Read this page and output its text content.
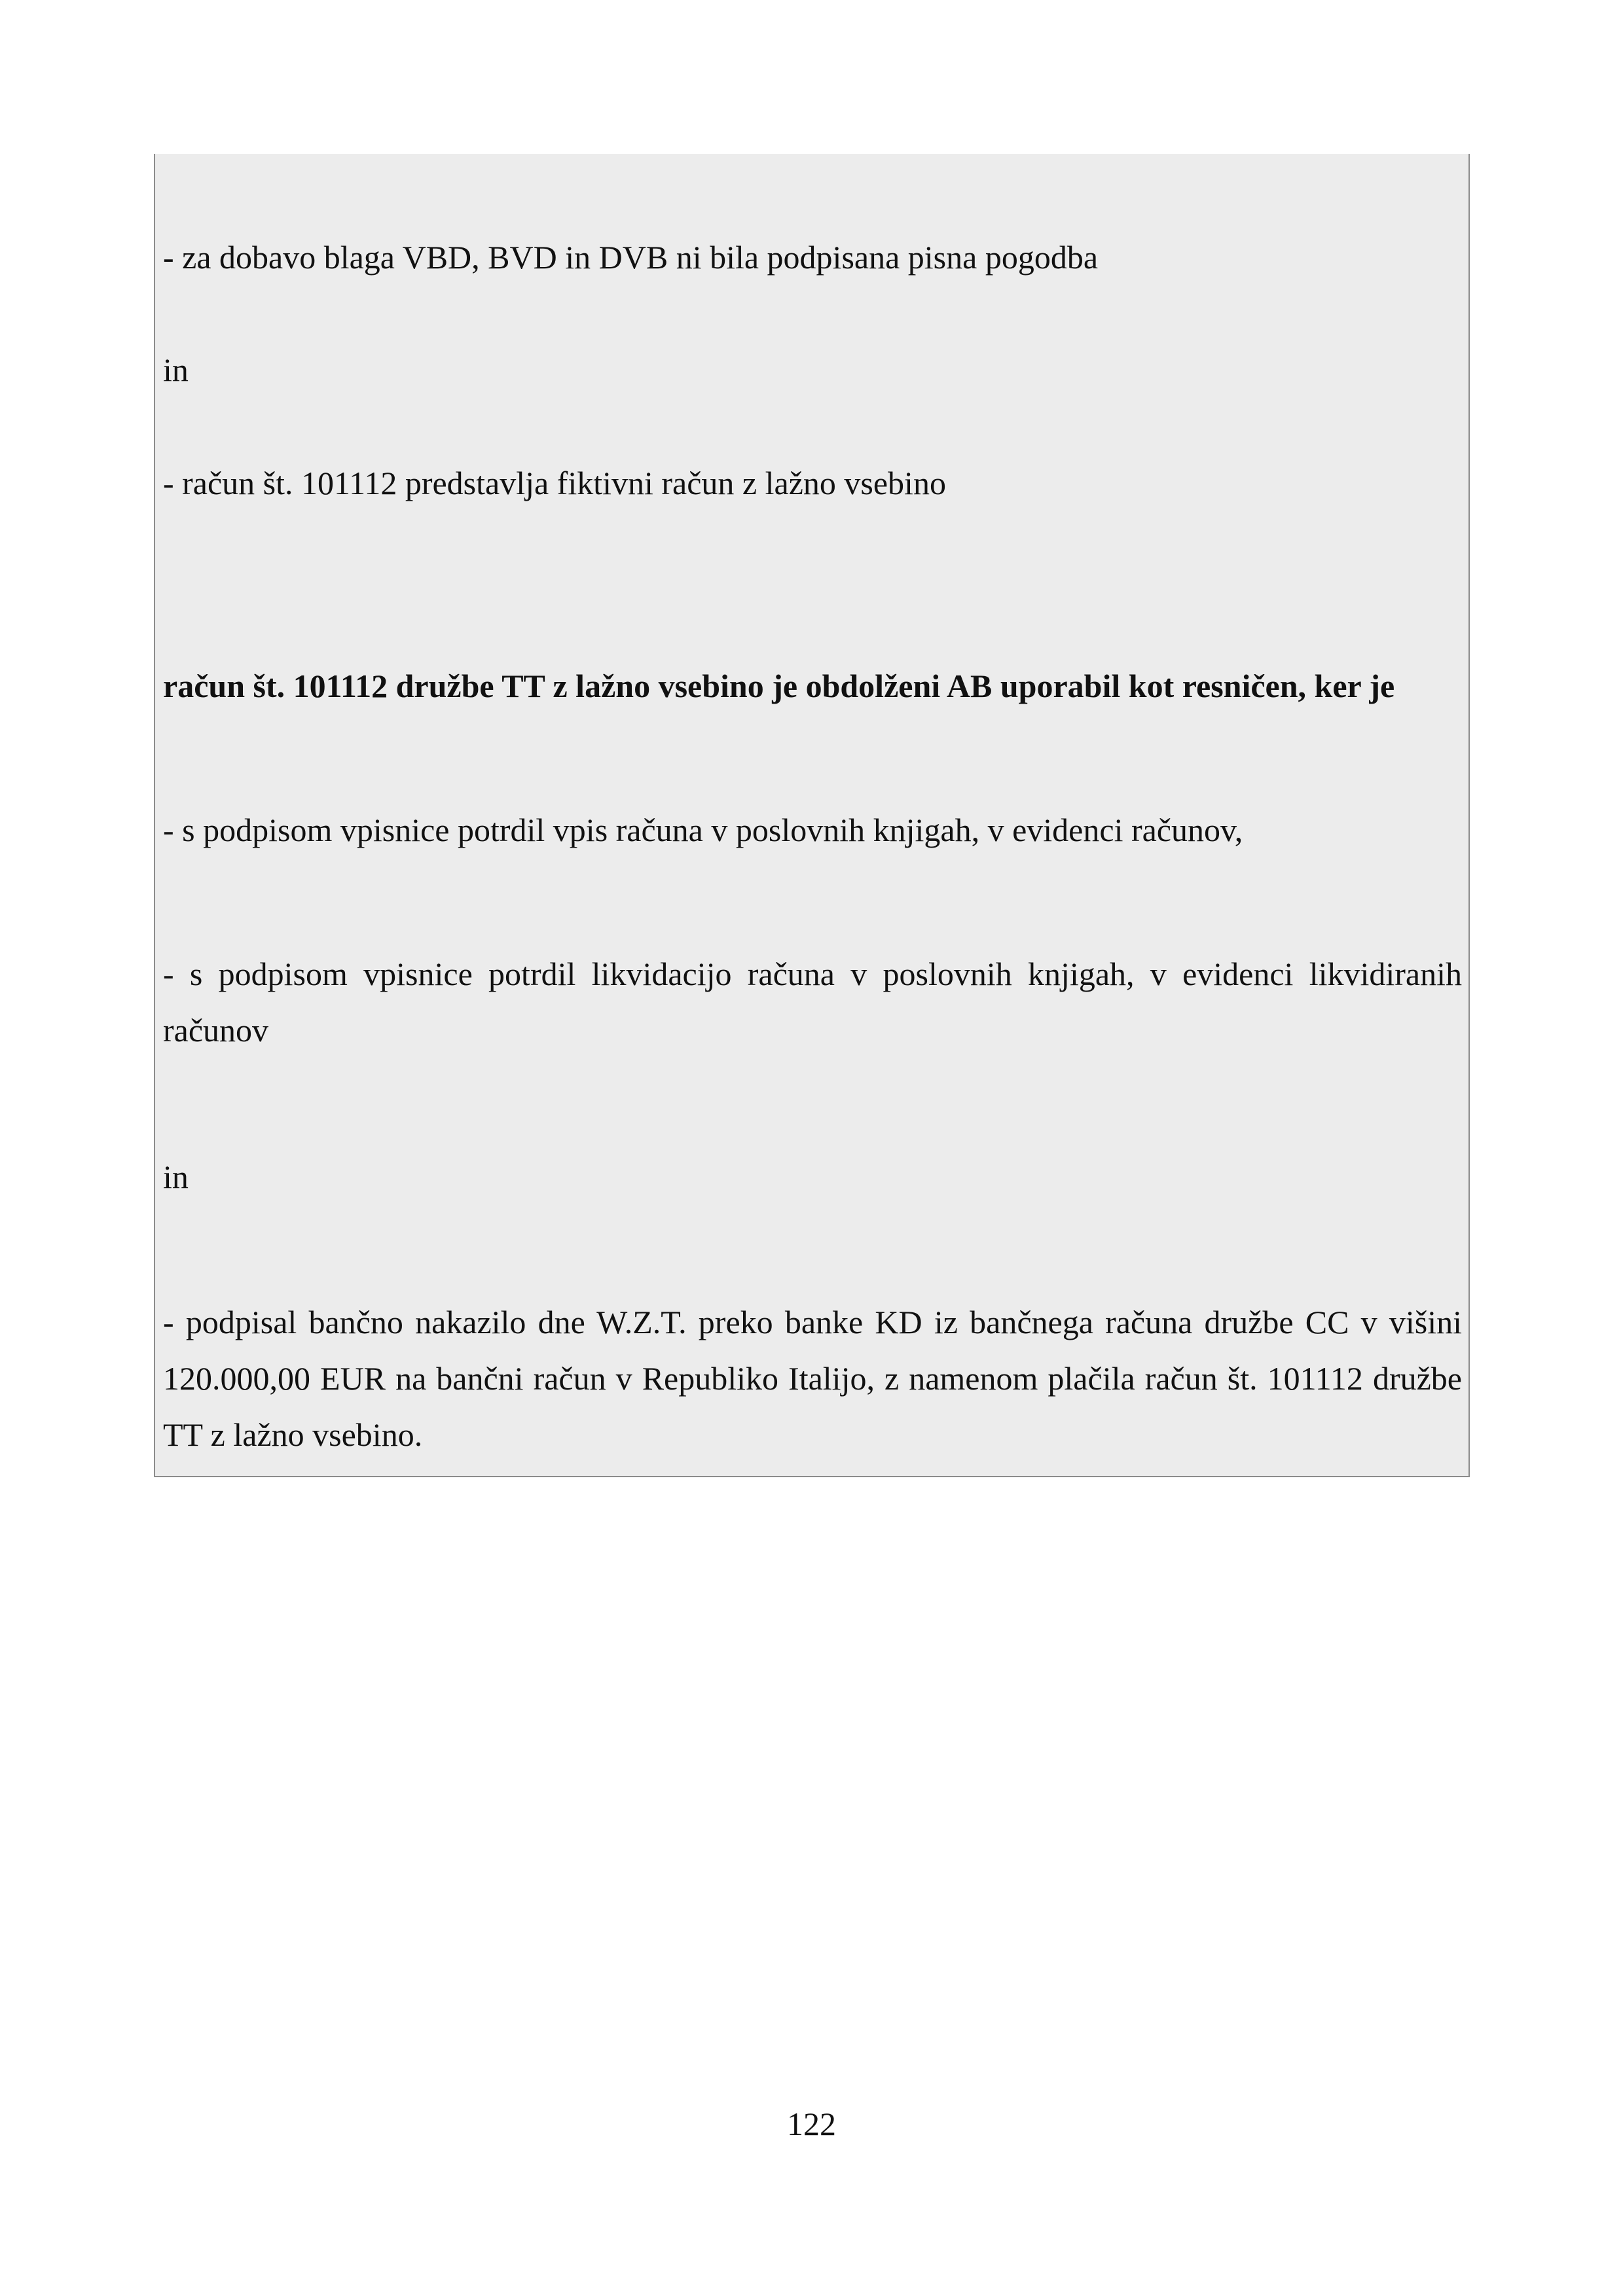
- za dobavo blaga VBD, BVD in DVB ni bila podpisana pisna pogodba

in

- račun št. 101112 predstavlja fiktivni račun z lažno vsebino

račun št. 101112 družbe TT z lažno vsebino je obdolženi AB uporabil kot resničen, ker je

- s podpisom vpisnice potrdil vpis računa v poslovnih knjigah, v evidenci računov,

- s podpisom vpisnice potrdil likvidacijo računa v poslovnih knjigah, v evidenci likvidiranih računov

in

- podpisal bančno nakazilo dne W.Z.T. preko banke KD iz bančnega računa družbe CC v višini 120.000,00 EUR na bančni račun v Republiko Italijo, z namenom plačila račun št. 101112 družbe TT z lažno vsebino.

122
